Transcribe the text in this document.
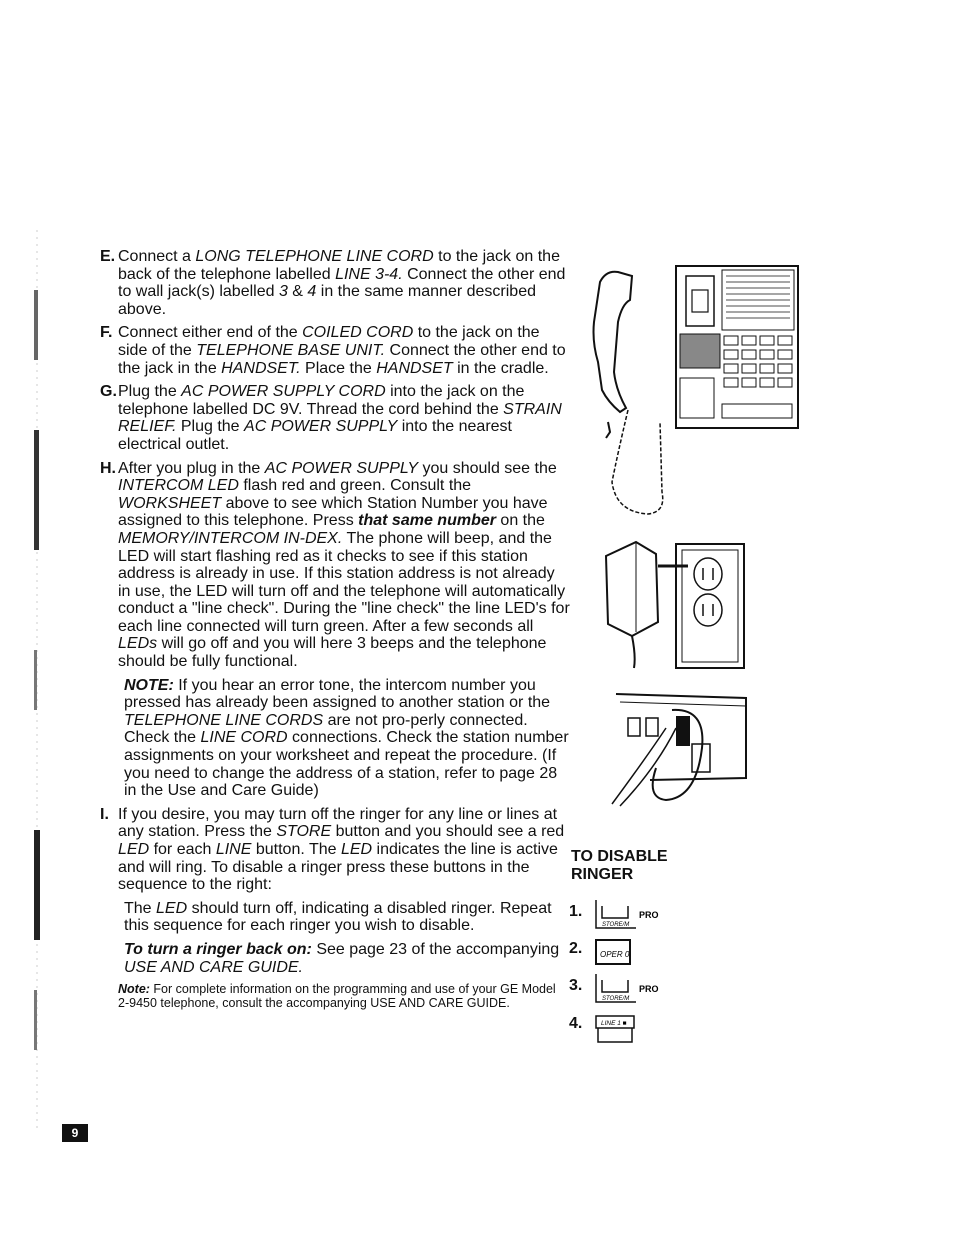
E. Connect a LONG TELEPHONE LINE CORD to the jack on the back of the telephone labelled LINE 3-4. Connect the other end to wall jack(s) labelled 3 & 4 in the same manner described above.

F. Connect either end of the COILED CORD to the jack on the side of the TELEPHONE BASE UNIT. Connect the other end to the jack in the HANDSET. Place the HANDSET in the cradle.

G. Plug the AC POWER SUPPLY CORD into the jack on the telephone labelled DC 9V. Thread the cord behind the STRAIN RELIEF. Plug the AC POWER SUPPLY into the nearest electrical outlet.

H. After you plug in the AC POWER SUPPLY you should see the INTERCOM LED flash red and green. Consult the WORKSHEET above to see which Station Number you have assigned to this telephone. Press that same number on the MEMORY/INTERCOM IN-DEX. The phone will beep, and the LED will start flashing red as it checks to see if this station address is already in use. If this station address is not already in use, the LED will turn off and the telephone will automatically conduct a "line check". During the "line check" the line LED's for each line connected will turn green. After a few seconds all LEDs will go off and you will here 3 beeps and the telephone should be fully functional.

NOTE: If you hear an error tone, the intercom number you pressed has already been assigned to another station or the TELEPHONE LINE CORDS are not pro-perly connected. Check the LINE CORD connections. Check the station number assignments on your worksheet and repeat the procedure. (If you need to change the address of a station, refer to page 28 in the Use and Care Guide)

I. If you desire, you may turn off the ringer for any line or lines at any station. Press the STORE button and you should see a red LED for each LINE button. The LED indicates the line is active and will ring. To disable a ringer press these buttons in the sequence to the right:

The LED should turn off, indicating a disabled ringer. Repeat this sequence for each ringer you wish to disable.

To turn a ringer back on: See page 23 of the accompanying USE AND CARE GUIDE.

Note: For complete information on the programming and use of your GE Model 2-9450 telephone, consult the accompanying USE AND CARE GUIDE.
9
TO DISABLE RINGER
1.
STORE/M
PRO
2. OPER 0
3.
STORE/M
PRO
4.	LINE 1 ■
